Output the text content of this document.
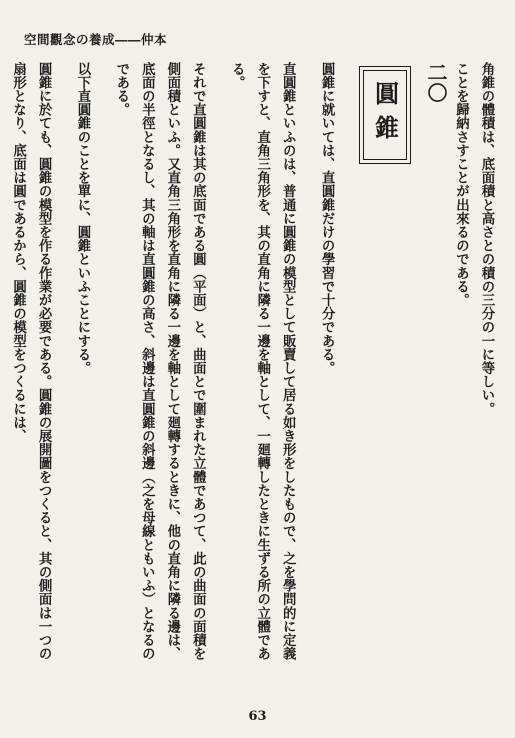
空間觀念の養成――仲本

角錐の體積は、底面積と高さとの積の三分の一に等しい。

ことを歸納さすことが出來るのである。

二〇

圓錐

圓錐に就いては、直圓錐だけの學習で十分である。

直圓錐といふのは、普通に圓錐の模型として販賣して居る如き形をしたもので、之を學問的に定義を下すと、直角三角形を、其の直角に隣る一邊を軸として、一廻轉したときに生ずる所の立體である。

それで直圓錐は其の底面である圓（平面）と、曲面とで圍まれた立體であつて、此の曲面の面積を側面積といふ。又直角三角形を直角に隣る一邊を軸として廻轉するときに、他の直角に隣る邊は、底面の半徑となるし、其の軸は直圓錐の高さ、斜邊は直圓錐の斜邊（之を母線ともいふ）となるのである。

以下直圓錐のことを單に、圓錐といふことにする。

圓錐に於ても、圓錐の模型を作る作業が必要である。圓錐の展開圖をつくると、其の側面は一つの扇形となり、底面は圓であるから、圓錐の模型をつくるには、

63
